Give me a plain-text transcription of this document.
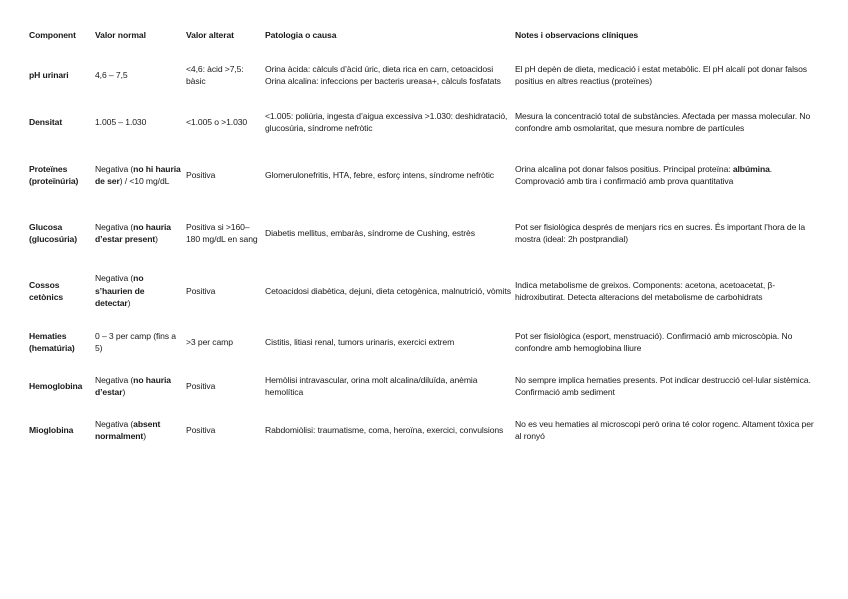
Component	Valor normal	Valor alterat	Patologia o causa	Notes i observacions clíniques
pH urinari	4,6 – 7,5	<4,6: àcid >7,5: bàsic	Orina àcida: càlculs d’àcid úric, dieta rica en carn, cetoacidosi Orina alcalina: infeccions per bacteris ureasa+, càlculs fosfatats	El pH depèn de dieta, medicació i estat metabòlic. El pH alcalí pot donar falsos positius en altres reactius (proteïnes)
Densitat	1.005 – 1.030	<1.005 o >1.030	<1.005: poliúria, ingesta d’aigua excessiva >1.030: deshidratació, glucosúria, síndrome nefròtic	Mesura la concentració total de substàncies. Afectada per massa molecular. No confondre amb osmolaritat, que mesura nombre de partícules
Proteïnes (proteïnúria)	Negativa (no hi hauria de ser) / <10 mg/dL	Positiva	Glomerulonefritis, HTA, febre, esforç intens, síndrome nefròtic	Orina alcalina pot donar falsos positius. Principal proteïna: albúmina. Comprovació amb tira i confirmació amb prova quantitativa
Glucosa (glucosúria)	Negativa (no hauria d’estar present)	Positiva si >160–180 mg/dL en sang	Diabetis mellitus, embaràs, síndrome de Cushing, estrès	Pot ser fisiològica després de menjars rics en sucres. És important l’hora de la mostra (ideal: 2h postprandial)
Cossos cetònics	Negativa (no s’haurien de detectar)	Positiva	Cetoacidosi diabètica, dejuni, dieta cetogènica, malnutrició, vòmits	Indica metabolisme de greixos. Components: acetona, acetoacetat, β-hidroxibutirat. Detecta alteracions del metabolisme de carbohidrats
Hematies (hematúria)	0 – 3 per camp (fins a 5)	>3 per camp	Cistitis, litiasi renal, tumors urinaris, exercici extrem	Pot ser fisiològica (esport, menstruació). Confirmació amb microscòpia. No confondre amb hemoglobina lliure
Hemoglobina	Negativa (no hauria d’estar)	Positiva	Hemòlisi intravascular, orina molt alcalina/diluïda, anèmia hemolítica	No sempre implica hematies presents. Pot indicar destrucció cel·lular sistèmica. Confirmació amb sediment
Mioglobina	Negativa (absent normalment)	Positiva	Rabdomiòlisi: traumatisme, coma, heroïna, exercici, convulsions	No es veu hematies al microscopi però orina té color rogenc. Altament tòxica per al ronyó
